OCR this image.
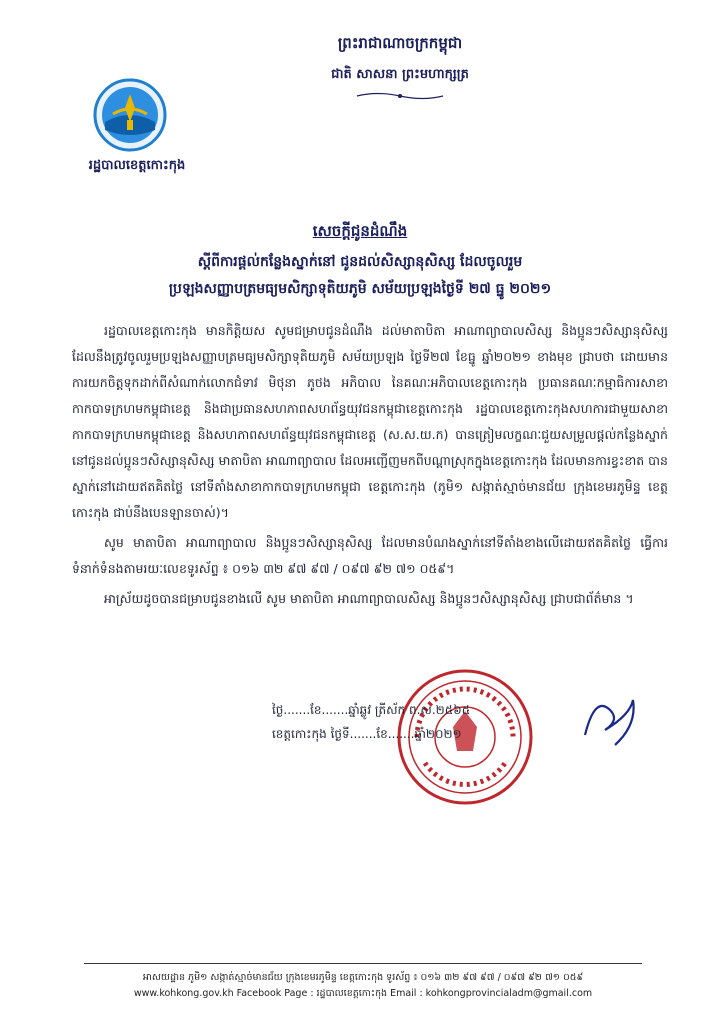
ព្រះរាជាណាចក្រកម្ពុជា
ជាតិ សាសនា ព្រះមហាក្សត្រ
រដ្ឋបាលខេត្តកោះកុង
សេចក្តីជូនដំណឹង
ស្តីពីការផ្តល់កន្លែងស្នាក់នៅ ជូនដល់សិស្សានុសិស្ស ដែលចូលរួម
ប្រឡងសញ្ញាបត្រមធ្យមសិក្សាទុតិយភូមិ សម័យប្រឡងថ្ងៃទី ២៧ ធ្នូ ២០២១

រដ្ឋបាលខេត្តកោះកុង មានកិត្តិយស សូមជម្រាបជូនដំណឹង ដល់មាតាបិតា អាណាព្យាបាលសិស្ស និងប្អូនៗសិស្សានុសិស្ស ដែលនឹងត្រូវចូលរួមប្រឡងសញ្ញាបត្រមធ្យមសិក្សាទុតិយភូមិ សម័យប្រឡង ថ្ងៃទី២៧ ខែធ្នូ ឆ្នាំ២០២១ ខាងមុខ ជ្រាបថា ដោយមានការយកចិត្តទុកដាក់ពីសំណាក់លោកជំទាវ មិថុនា ភូថង អភិបាល នៃគណៈអភិបាលខេត្តកោះកុង ប្រធានគណៈកម្មាធិការសាខាកាកបាទក្រហមកម្ពុជាខេត្ត និងជាប្រធានសហភាពសហព័ន្ធយុវជនកម្ពុជាខេត្តកោះកុង រដ្ឋបាលខេត្តកោះកុងសហការជាមួយសាខាកាកបាទក្រហមកម្ពុជាខេត្ត និងសហភាពសហព័ន្ធយុវជនកម្ពុជាខេត្ត (ស.ស.យ.ក) បានត្រៀមលក្ខណៈជួយសម្រួលផ្តល់កន្លែងស្នាក់នៅជូនដល់ប្អូនៗសិស្សានុសិស្ស មាតាបិតា អាណាព្យាបាល ដែលអញ្ជើញមកពីបណ្តាស្រុកក្នុងខេត្តកោះកុង ដែលមានការខ្វះខាត បានស្នាក់នៅដោយឥតគិតថ្លៃ នៅទីតាំងសាខាកាកបាទក្រហមកម្ពុជា ខេត្តកោះកុង (ភូមិ១ សង្កាត់ស្មាច់មានជ័យ ក្រុងខេមរភូមិន្ទ ខេត្តកោះកុង ជាប់នឹងបេនឡានចាស់)។

សូម មាតាបិតា អាណាព្យាបាល និងប្អូនៗសិស្សានុសិស្ស ដែលមានបំណងស្នាក់នៅទីតាំងខាងលើដោយឥតគិតថ្លៃ ធ្វើការទំនាក់ទំនងតាមរយៈលេខទូរស័ព្ទ ៖ ០១៦ ៣២ ៩៧ ៩៧ / ០៩៧ ៩២ ៧១ ០៥៩។

អាស្រ័យដូចបានជម្រាបជូនខាងលើ សូម មាតាបិតា អាណាព្យាបាលសិស្ស និងប្អូនៗសិស្សានុសិស្ស ជ្រាបជាព័ត៌មាន ។

ថ្ងៃ.......ខែ.......ឆ្នាំឆ្លូវ ត្រីស័ក ព.ស.២៥៦៥
ខេត្តកោះកុង ថ្ងៃទី.......ខែ.......ឆ្នាំ២០២១
អាសយដ្ឋាន ភូមិ១ សង្កាត់ស្មាច់មានជ័យ ក្រុងខេមរភូមិន្ទ ខេត្តកោះកុង ទូរស័ព្ទ ៖ ០១៦ ៣២ ៩៧ ៩៧ / ០៩៧ ៩២ ៧១ ០៥៩
www.kohkong.gov.kh Facebook Page : រដ្ឋបាលខេត្តកោះកុង Email : kohkongprovincialadm@gmail.com
